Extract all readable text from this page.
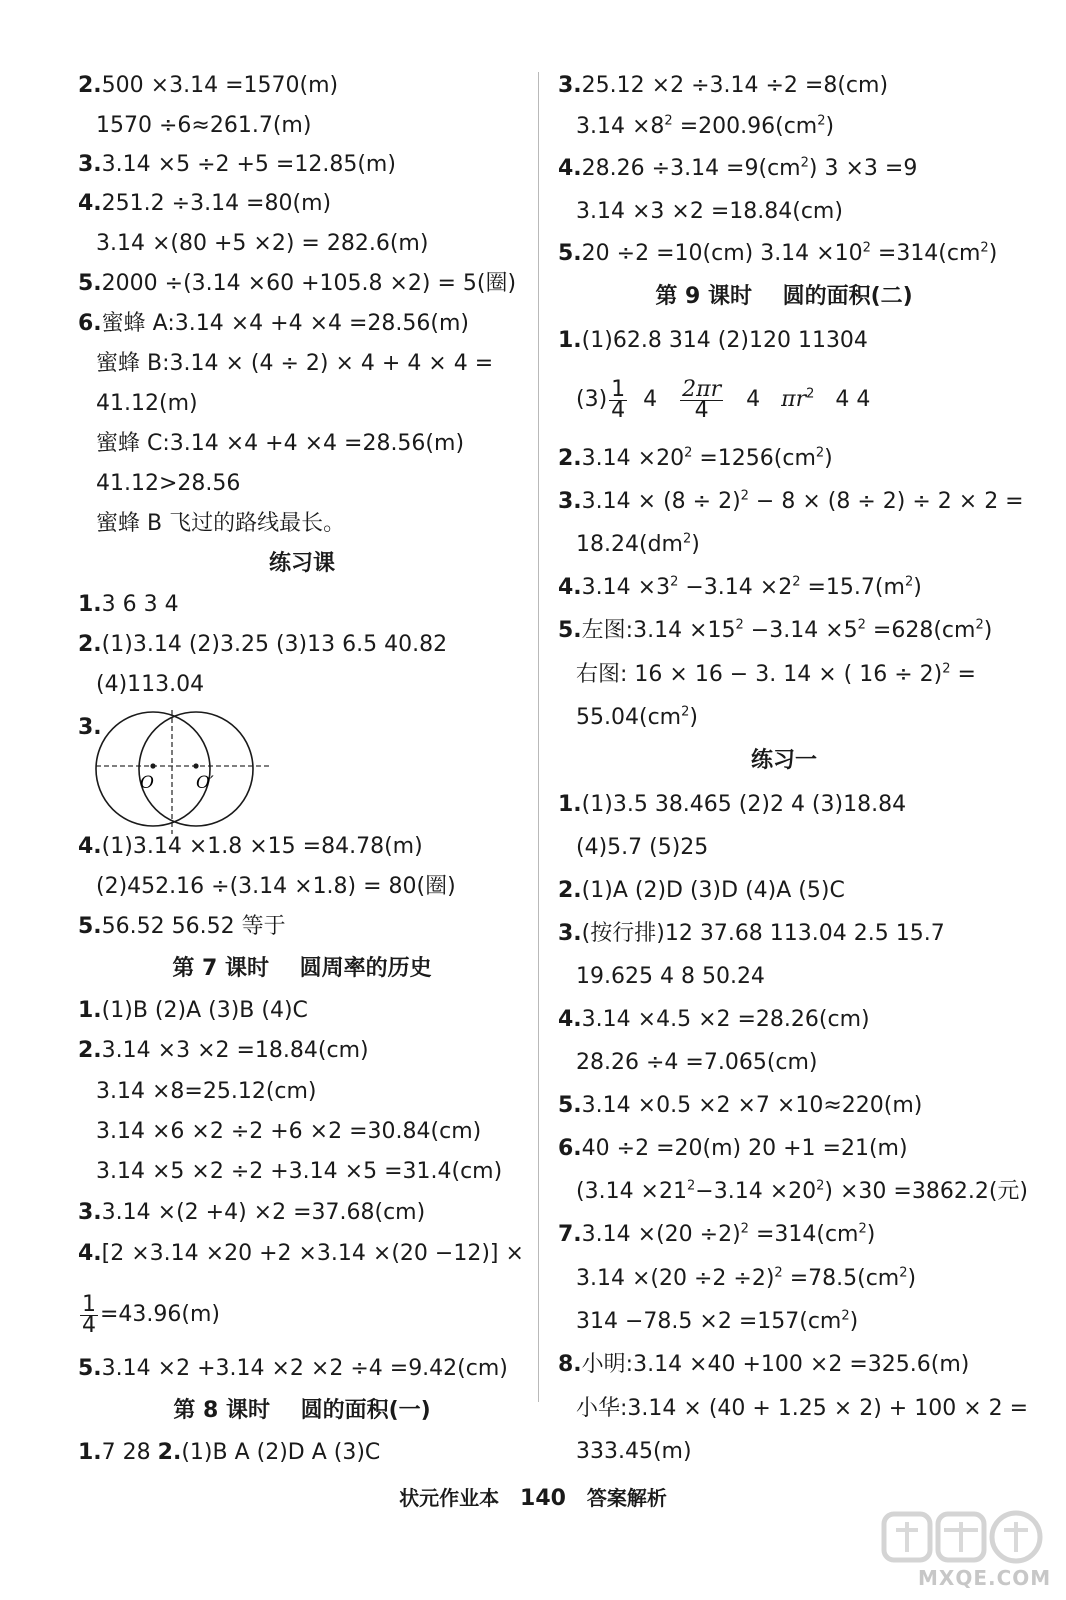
2.500 ×3.14 =1570(m)
1570 ÷6≈261.7(m)
3.3.14 ×5 ÷2 +5 =12.85(m)
4.251.2 ÷3.14 =80(m)
3.14 ×(80 +5 ×2) = 282.6(m)
5.2000 ÷(3.14 ×60 +105.8 ×2) = 5(圈)
6.蜜蜂 A:3.14 ×4 +4 ×4 =28.56(m)
蜜蜂 B:3.14 × (4 ÷ 2) × 4 + 4 × 4 =
41.12(m)
蜜蜂 C:3.14 ×4 +4 ×4 =28.56(m)
41.12>28.56
蜜蜂 B 飞过的路线最长。
练习课
1.3 6 3 4
2.(1)3.14 (2)3.25 (3)13 6.5 40.82
(4)113.04
3.
O O′
4.(1)3.14 ×1.8 ×15 =84.78(m)
(2)452.16 ÷(3.14 ×1.8) = 80(圈)
5.56.52 56.52 等于
第 7 课时    圆周率的历史
1.(1)B (2)A (3)B (4)C
2.3.14 ×3 ×2 =18.84(cm)
3.14 ×8=25.12(cm)
3.14 ×6 ×2 ÷2 +6 ×2 =30.84(cm)
3.14 ×5 ×2 ÷2 +3.14 ×5 =31.4(cm)
3.3.14 ×(2 +4) ×2 =37.68(cm)
4.[2 ×3.14 ×20 +2 ×3.14 ×(20 −12)] ×
$\frac{1}{4} =43.96(m)$
5.3.14 ×2 +3.14 ×2 ×2 ÷4 =9.42(cm)
第 8 课时    圆的面积(一)
1.7 28 2.(1)B A (2)D A (3)C
3.25.12 ×2 ÷3.14 ÷2 =8(cm)
$3.14 \times 8^2 =200.96(cm^2)$
$4.28.26 \div 3.14 =9(cm^2)$ 3 ×3 =9
3.14 ×3 ×2 =18.84(cm)
5.20 ÷2 =10(cm) $3.14 \times 10^2 =314(cm^2)$
第 9 课时    圆的面积(二)
1.(1)62.8 314 (2)120 11304
$(3) \frac{1}{4} 4 \frac{2\pi r}{4} 4$ $\pi r^2$ 4 4
$2.3.14 \times 20^2 =1256(cm^2)$
$3.3.14 \times (8 \div 2)^2 - 8 \times (8 \div 2) \div 2 \times 2$ =
$18.24(dm^2)$
$4.3.14 \times 3^2 -3.14 \times 2^2 =15.7(m^2)$
5.左图:3.14 $\times 15^2 -3.14 \times 5^2 =628(cm^2)$
右图: 16 × 16 − 3. 14 × ( 16 ÷ 2)$^2$ =
$55.04(cm^2)$
练习一
1.(1)3.5 38.465 (2)2 4 (3)18.84
(4)5.7 (5)25
2.(1)A (2)D (3)D (4)A (5)C
3.(按行排)12 37.68 113.04 2.5 15.7
19.625 4 8 50.24
4.3.14 ×4.5 ×2 =28.26(cm)
28.26 ÷4 =7.065(cm)
5.3.14 ×0.5 ×2 ×7 ×10≈220(m)
6.40 ÷2 =20(m) 20 +1 =21(m)
$(3.14 \times 21^2-3.14 \times 20^2) \times 30 =3862.2$(元)
$7.3.14 \times(20 \div 2)^2 =314(cm^2)$
$3.14 \times(20 \div 2 \div 2)^2 =78.5(cm^2)$
$314 -78.5 \times 2 =157(cm^2)$
8.小明:3.14 ×40 +100 ×2 =325.6(m)
小华:3.14 × (40 + 1.25 × 2) + 100 × 2 =
333.45(m)
状元作业本 140 答案解析
MXQE.COM
